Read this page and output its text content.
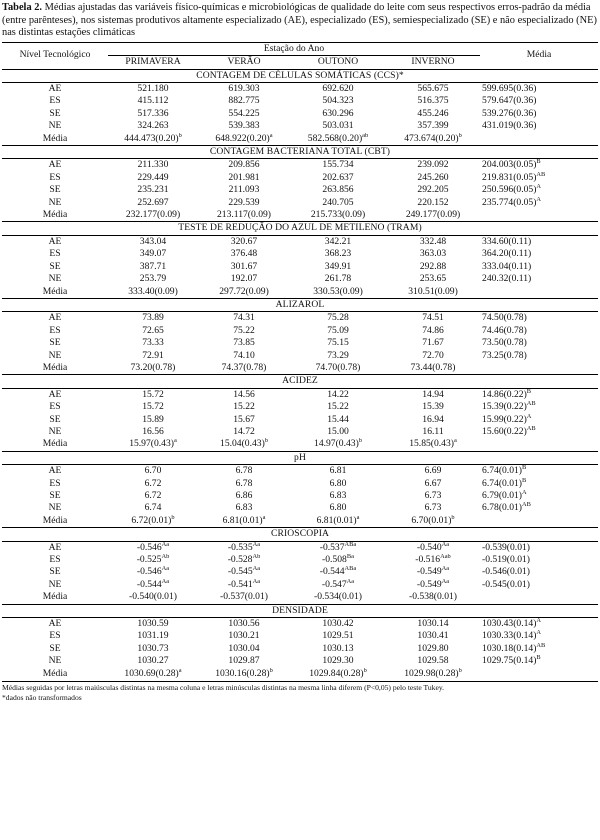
Tabela 2. Médias ajustadas das variáveis físico-químicas e microbiológicas de qualidade do leite com seus respectivos erros-padrão da média (entre parênteses), nos sistemas produtivos altamente especializado (AE), especializado (ES), semiespecializado (SE) e não especializado (NE) nas distintas estações climáticas

Nível Tecnológico	Estação do Ano				Média
	PRIMAVERA	VERÃO	OUTONO	INVERNO	
CONTAGEM DE CÉLULAS SOMÁTICAS (CCS)*					
AE	521.180	619.303	692.620	565.675	599.695(0.36)
ES	415.112	882.775	504.323	516.375	579.647(0.36)
SE	517.336	554.225	630.296	455.246	539.276(0.36)
NE	324.263	539.383	503.031	357.399	431.019(0.36)
Média	$444.473(0.20)^b$	$648.922(0.20)^a$	$582.568(0.20)^{ab}$	$473.674(0.20)^b$	
CONTAGEM BACTERIANA TOTAL (CBT)					
AE	211.330	209.856	155.734	239.092	$204.003(0.05)^B$
ES	229.449	201.981	202.637	245.260	$219.831(0.05)^{AB}$
SE	235.231	211.093	263.856	292.205	$250.596(0.05)^A$
NE	252.697	229.539	240.705	220.152	$235.774(0.05)^A$
Média	232.177(0.09)	213.117(0.09)	215.733(0.09)	249.177(0.09)	
TESTE DE REDUÇÃO DO AZUL DE METILENO (TRAM)					
AE	343.04	320.67	342.21	332.48	334.60(0.11)
ES	349.07	376.48	368.23	363.03	364.20(0.11)
SE	387.71	301.67	349.91	292.88	333.04(0.11)
NE	253.79	192.07	261.78	253.65	240.32(0.11)
Média	333.40(0.09)	297.72(0.09)	330.53(0.09)	310.51(0.09)	
ALIZAROL					
AE	73.89	74.31	75.28	74.51	74.50(0.78)
ES	72.65	75.22	75.09	74.86	74.46(0.78)
SE	73.33	73.85	75.15	71.67	73.50(0.78)
NE	72.91	74.10	73.29	72.70	73.25(0.78)
Média	73.20(0.78)	74.37(0.78)	74.70(0.78)	73.44(0.78)	
ACIDEZ					
AE	15.72	14.56	14.22	14.94	$14.86(0.22)^B$
ES	15.72	15.22	15.22	15.39	$15.39(0.22)^{AB}$
SE	15.89	15.67	15.44	16.94	$15.99(0.22)^A$
NE	16.56	14.72	15.00	16.11	$15.60(0.22)^{AB}$
Média	$15.97(0.43)^a$	$15.04(0.43)^b$	$14.97(0.43)^b$	$15.85(0.43)^a$	
pH					
AE	6.70	6.78	6.81	6.69	$6.74(0.01)^B$
ES	6.72	6.78	6.80	6.67	$6.74(0.01)^B$
SE	6.72	6.86	6.83	6.73	$6.79(0.01)^A$
NE	6.74	6.83	6.80	6.73	$6.78(0.01)^{AB}$
Média	$6.72(0.01)^b$	$6.81(0.01)^a$	$6.81(0.01)^a$	$6.70(0.01)^b$	
CRIOSCOPIA					
AE	$-0.546^{Aa}$	$-0.535^{Aa}$	$-0.537^{ABa}$	$-0.540^{Aa}$	-0.539(0.01)
ES	$-0.525^{Ab}$	$-0.528^{Ab}$	$-0.508^{Ba}$	$-0.516^{Aab}$	-0.519(0.01)
SE	$-0.546^{Aa}$	$-0.545^{Aa}$	$-0.544^{ABa}$	$-0.549^{Aa}$	-0.546(0.01)
NE	$-0.544^{Aa}$	$-0.541^{Aa}$	$-0.547^{Aa}$	$-0.549^{Aa}$	-0.545(0.01)
Média	-0.540(0.01)	-0.537(0.01)	-0.534(0.01)	-0.538(0.01)	
DENSIDADE					
AE	1030.59	1030.56	1030.42	1030.14	$1030.43(0.14)^A$
ES	1031.19	1030.21	1029.51	1030.41	$1030.33(0.14)^A$
SE	1030.73	1030.04	1030.13	1029.80	$1030.18(0.14)^{AB}$
NE	1030.27	1029.87	1029.30	1029.58	$1029.75(0.14)^B$
Média	$1030.69(0.28)^a$	$1030.16(0.28)^b$	$1029.84(0.28)^b$	$1029.98(0.28)^b$	
Médias seguidas por letras maiúsculas distintas na mesma coluna e letras minúsculas distintas na mesma linha diferem (P<0,05) pelo teste Tukey.
*dados não transformados
